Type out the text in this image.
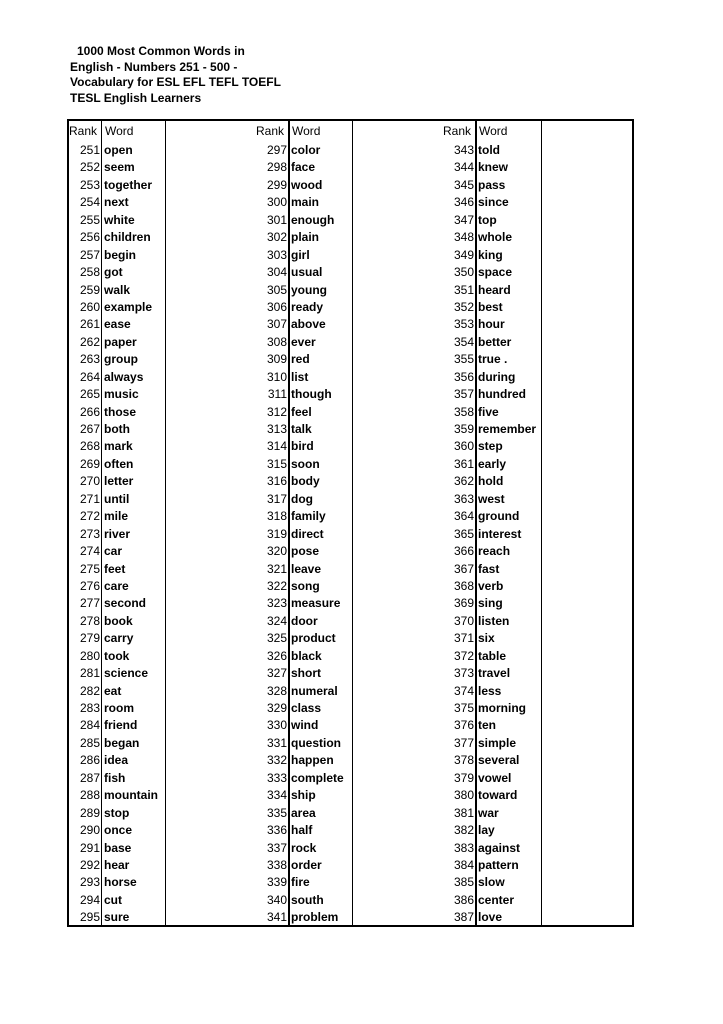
1000 Most Common Words in
English - Numbers 251 - 500 -
Vocabulary for ESL EFL TEFL TOEFL
TESL English Learners
Rank Word
251 open
252 seem
253 together
254 next
255 white
256 children
257 begin
258 got
259 walk
260 example
261 ease
262 paper
263 group
264 always
265 music
266 those
267 both
268 mark
269 often
270 letter
271 until
272 mile
273 river
274 car
275 feet
276 care
277 second
278 book
279 carry
280 took
281 science
282 eat
283 room
284 friend
285 began
286 idea
287 fish
288 mountain
289 stop
290 once
291 base
292 hear
293 horse
294 cut
295 sure
Rank Word
297 color
298 face
299 wood
300 main
301 enough
302 plain
303 girl
304 usual
305 young
306 ready
307 above
308 ever
309 red
310 list
311 though
312 feel
313 talk
314 bird
315 soon
316 body
317 dog
318 family
319 direct
320 pose
321 leave
322 song
323 measure
324 door
325 product
326 black
327 short
328 numeral
329 class
330 wind
331 question
332 happen
333 complete
334 ship
335 area
336 half
337 rock
338 order
339 fire
340 south
341 problem
Rank Word
343 told
344 knew
345 pass
346 since
347 top
348 whole
349 king
350 space
351 heard
352 best
353 hour
354 better
355 true .
356 during
357 hundred
358 five
359 remember
360 step
361 early
362 hold
363 west
364 ground
365 interest
366 reach
367 fast
368 verb
369 sing
370 listen
371 six
372 table
373 travel
374 less
375 morning
376 ten
377 simple
378 several
379 vowel
380 toward
381 war
382 lay
383 against
384 pattern
385 slow
386 center
387 love
